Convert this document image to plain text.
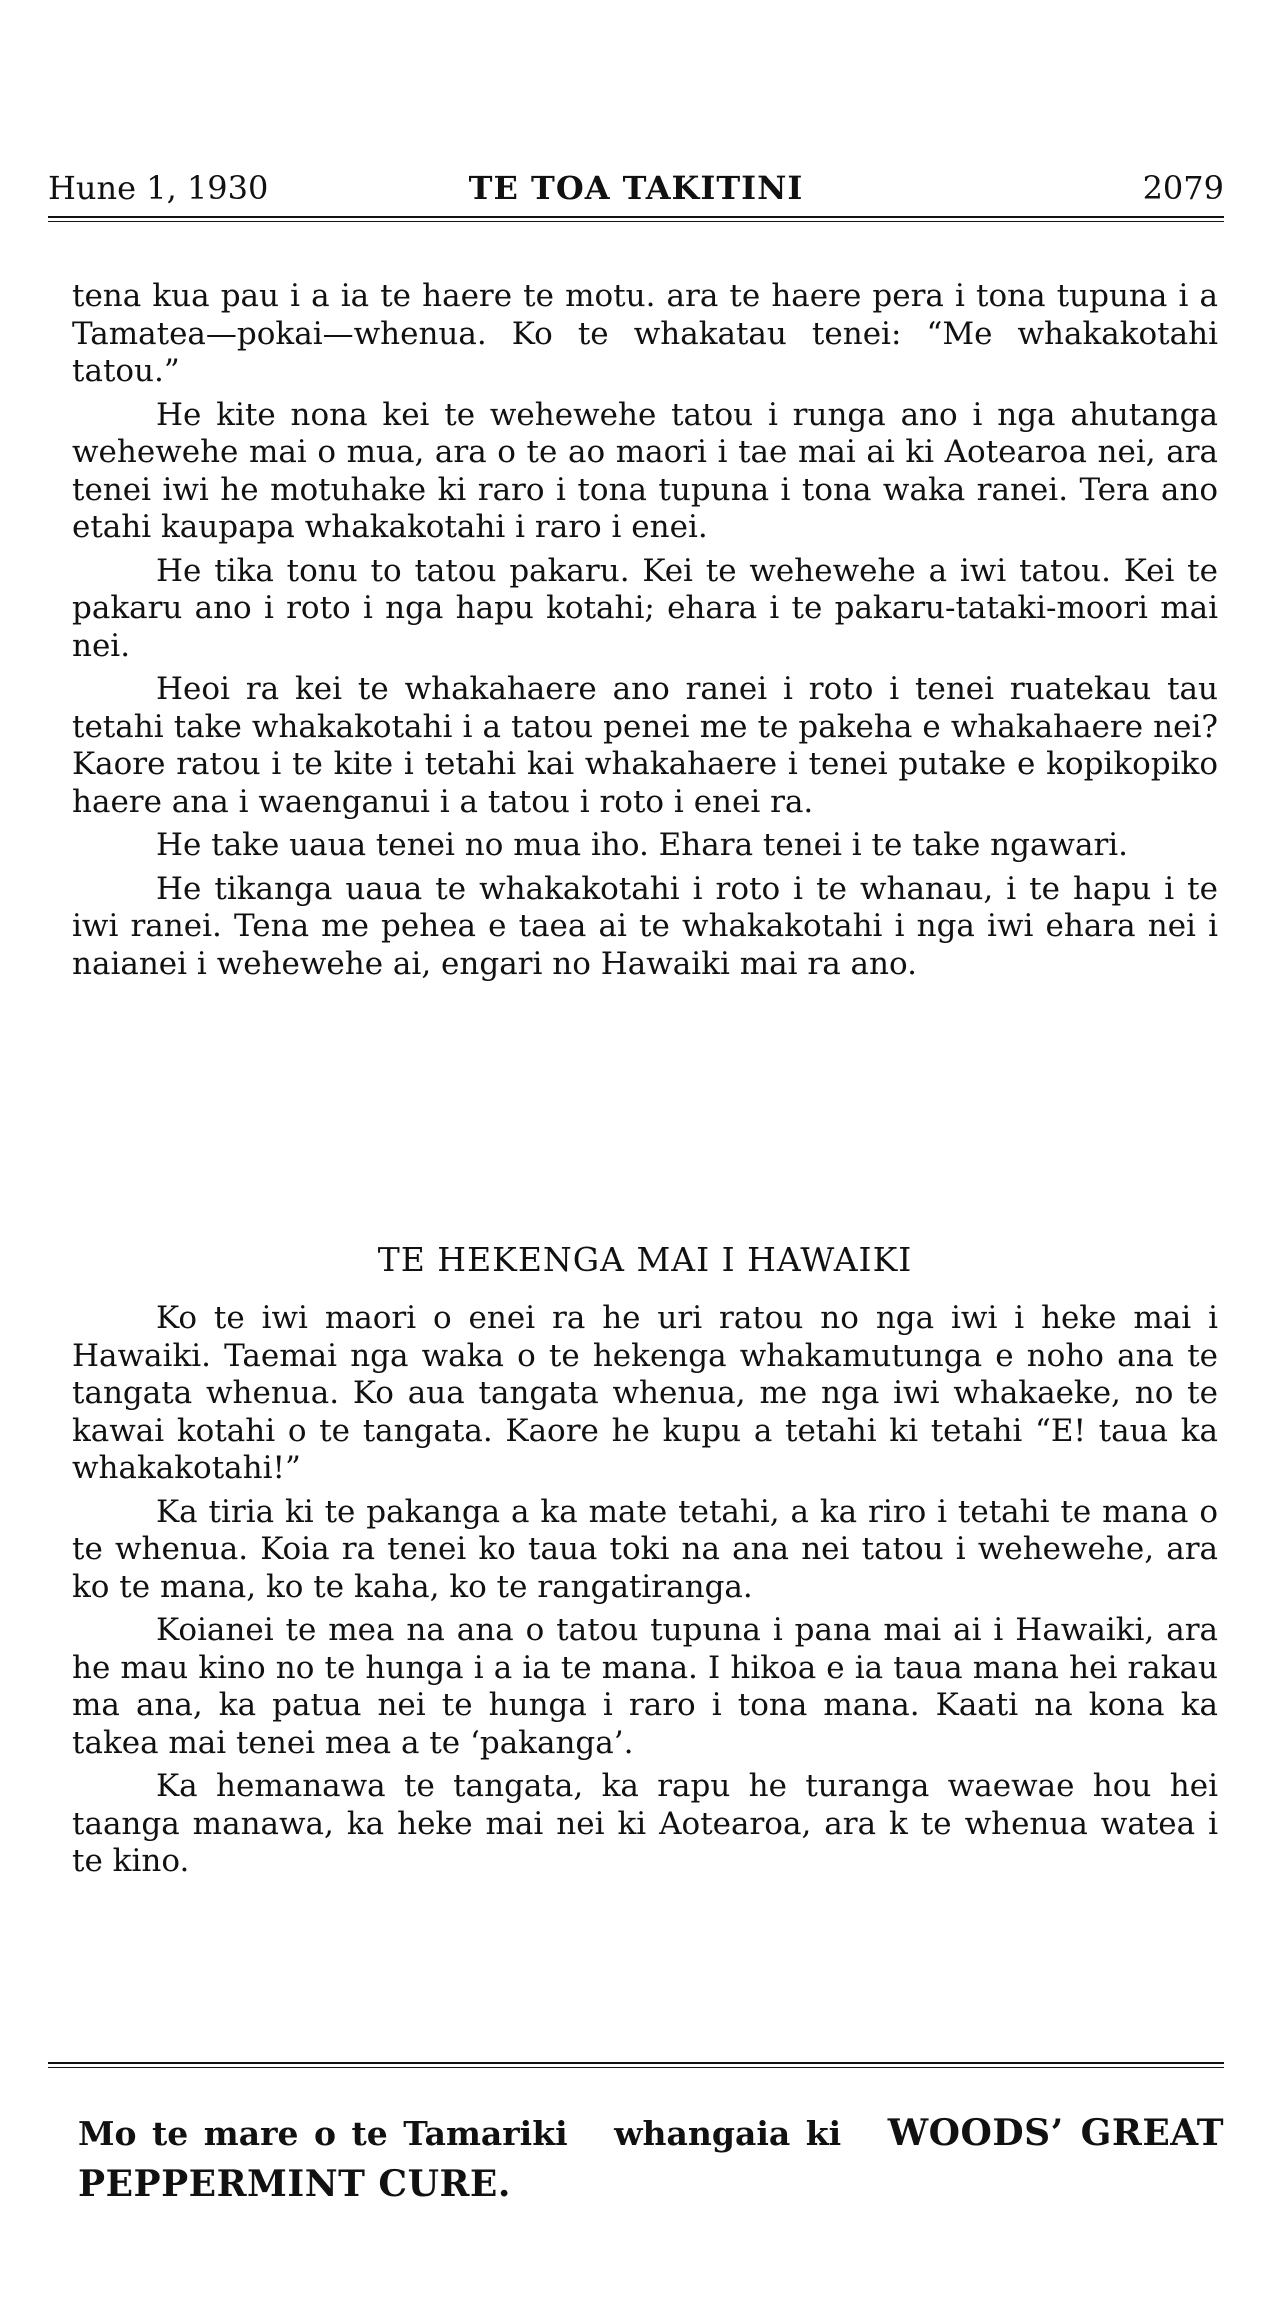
Hune 1, 1930	TE TOA TAKITINI	2079

tena kua pau i a ia te haere te motu. ara te haere pera i tona tupuna i a Tamatea—pokai—whenua. Ko te whakatau tenei: “Me whakakotahi tatou.”

He kite nona kei te wehewehe tatou i runga ano i nga ahutanga wehewehe mai o mua, ara o te ao maori i tae mai ai ki Aotearoa nei, ara tenei iwi he motuhake ki raro i tona tupuna i tona waka ranei. Tera ano etahi kaupapa whakakotahi i raro i enei.

He tika tonu to tatou pakaru. Kei te wehewehe a iwi tatou. Kei te pakaru ano i roto i nga hapu kotahi; ehara i te pakaru-tataki-moori mai nei.

Heoi ra kei te whakahaere ano ranei i roto i tenei ruatekau tau tetahi take whakakotahi i a tatou penei me te pakeha e whakahaere nei? Kaore ratou i te kite i tetahi kai whakahaere i tenei putake e kopikopiko haere ana i waenganui i a tatou i roto i enei ra.

He take uaua tenei no mua iho. Ehara tenei i te take ngawari.

He tikanga uaua te whakakotahi i roto i te whanau, i te hapu i te iwi ranei. Tena me pehea e taea ai te whakakotahi i nga iwi ehara nei i naianei i wehewehe ai, engari no Hawaiki mai ra ano.

TE HEKENGA MAI I HAWAIKI

Ko te iwi maori o enei ra he uri ratou no nga iwi i heke mai i Hawaiki. Taemai nga waka o te hekenga whakamutunga e noho ana te tangata whenua. Ko aua tangata whenua, me nga iwi whakaeke, no te kawai kotahi o te tangata. Kaore he kupu a tetahi ki tetahi “E! taua ka whakakotahi!”

Ka tiria ki te pakanga a ka mate tetahi, a ka riro i tetahi te mana o te whenua. Koia ra tenei ko taua toki na ana nei tatou i wehewehe, ara ko te mana, ko te kaha, ko te rangatiranga.

Koianei te mea na ana o tatou tupuna i pana mai ai i Hawaiki, ara he mau kino no te hunga i a ia te mana. I hikoa e ia taua mana hei rakau ma ana, ka patua nei te hunga i raro i tona mana. Kaati na kona ka takea mai tenei mea a te ‘pakanga’.

Ka hemanawa te tangata, ka rapu he turanga waewae hou hei taanga manawa, ka heke mai nei ki Aotearoa, ara k te whenua watea i te kino.

Mo te mare o te Tamariki whangaia ki WOODS’ GREAT PEPPERMINT CURE.
